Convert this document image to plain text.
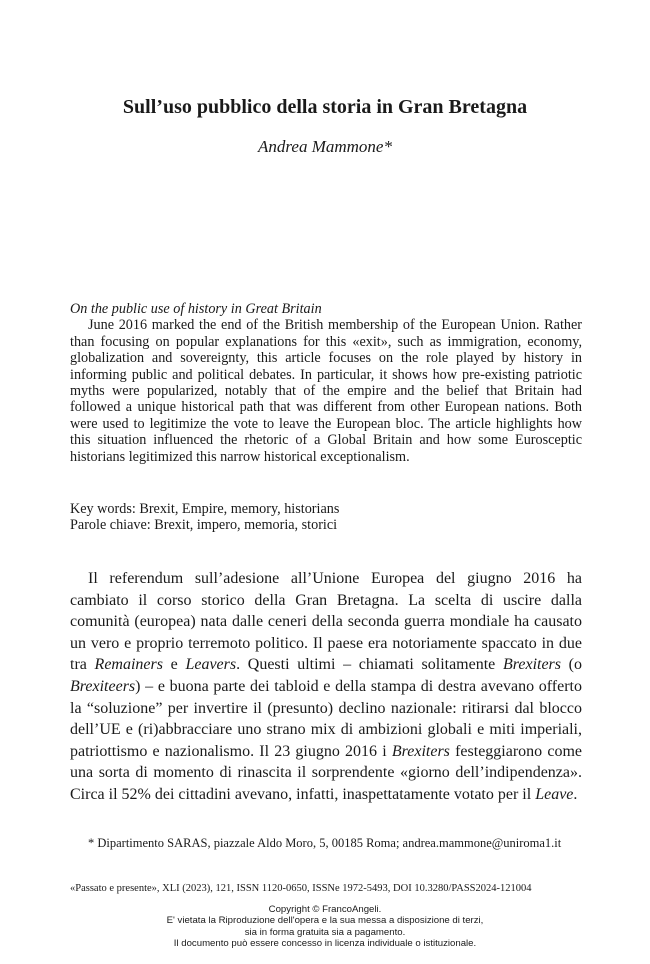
Sull’uso pubblico della storia in Gran Bretagna
Andrea Mammone*
On the public use of history in Great Britain

June 2016 marked the end of the British membership of the European Union. Rather than focusing on popular explanations for this «exit», such as immigration, economy, globalization and sovereignty, this article focuses on the role played by history in informing public and political debates. In particular, it shows how pre-existing patriotic myths were popularized, notably that of the empire and the belief that Britain had followed a unique historical path that was different from other European nations. Both were used to legitimize the vote to leave the European bloc. The article highlights how this situation influenced the rhetoric of a Global Britain and how some Eurosceptic historians legitimized this narrow historical exceptionalism.

Key words: Brexit, Empire, memory, historians
Parole chiave: Brexit, impero, memoria, storici

Il referendum sull’adesione all’Unione Europea del giugno 2016 ha cambiato il corso storico della Gran Bretagna. La scelta di uscire dalla comunità (europea) nata dalle ceneri della seconda guerra mondiale ha causato un vero e proprio terremoto politico. Il paese era notoriamente spaccato in due tra Remainers e Leavers. Questi ultimi – chiamati solitamente Brexiters (o Brexiteers) – e buona parte dei tabloid e della stampa di destra avevano offerto la “soluzione” per invertire il (presunto) declino nazionale: ritirarsi dal blocco dell’UE e (ri)abbracciare uno strano mix di ambizioni globali e miti imperiali, patriottismo e nazionalismo. Il 23 giugno 2016 i Brexiters festeggiarono come una sorta di momento di rinascita il sorprendente «giorno dell’indipendenza». Circa il 52% dei cittadini avevano, infatti, inaspettatamente votato per il Leave.

* Dipartimento SARAS, piazzale Aldo Moro, 5, 00185 Roma; andrea.mammone@uniroma1.it
«Passato e presente», XLI (2023), 121, ISSN 1120-0650, ISSNe 1972-5493, DOI 10.3280/PASS2024-121004
Copyright © FrancoAngeli.
E' vietata la Riproduzione dell'opera e la sua messa a disposizione di terzi,
sia in forma gratuita sia a pagamento.
Il documento può essere concesso in licenza individuale o istituzionale.
